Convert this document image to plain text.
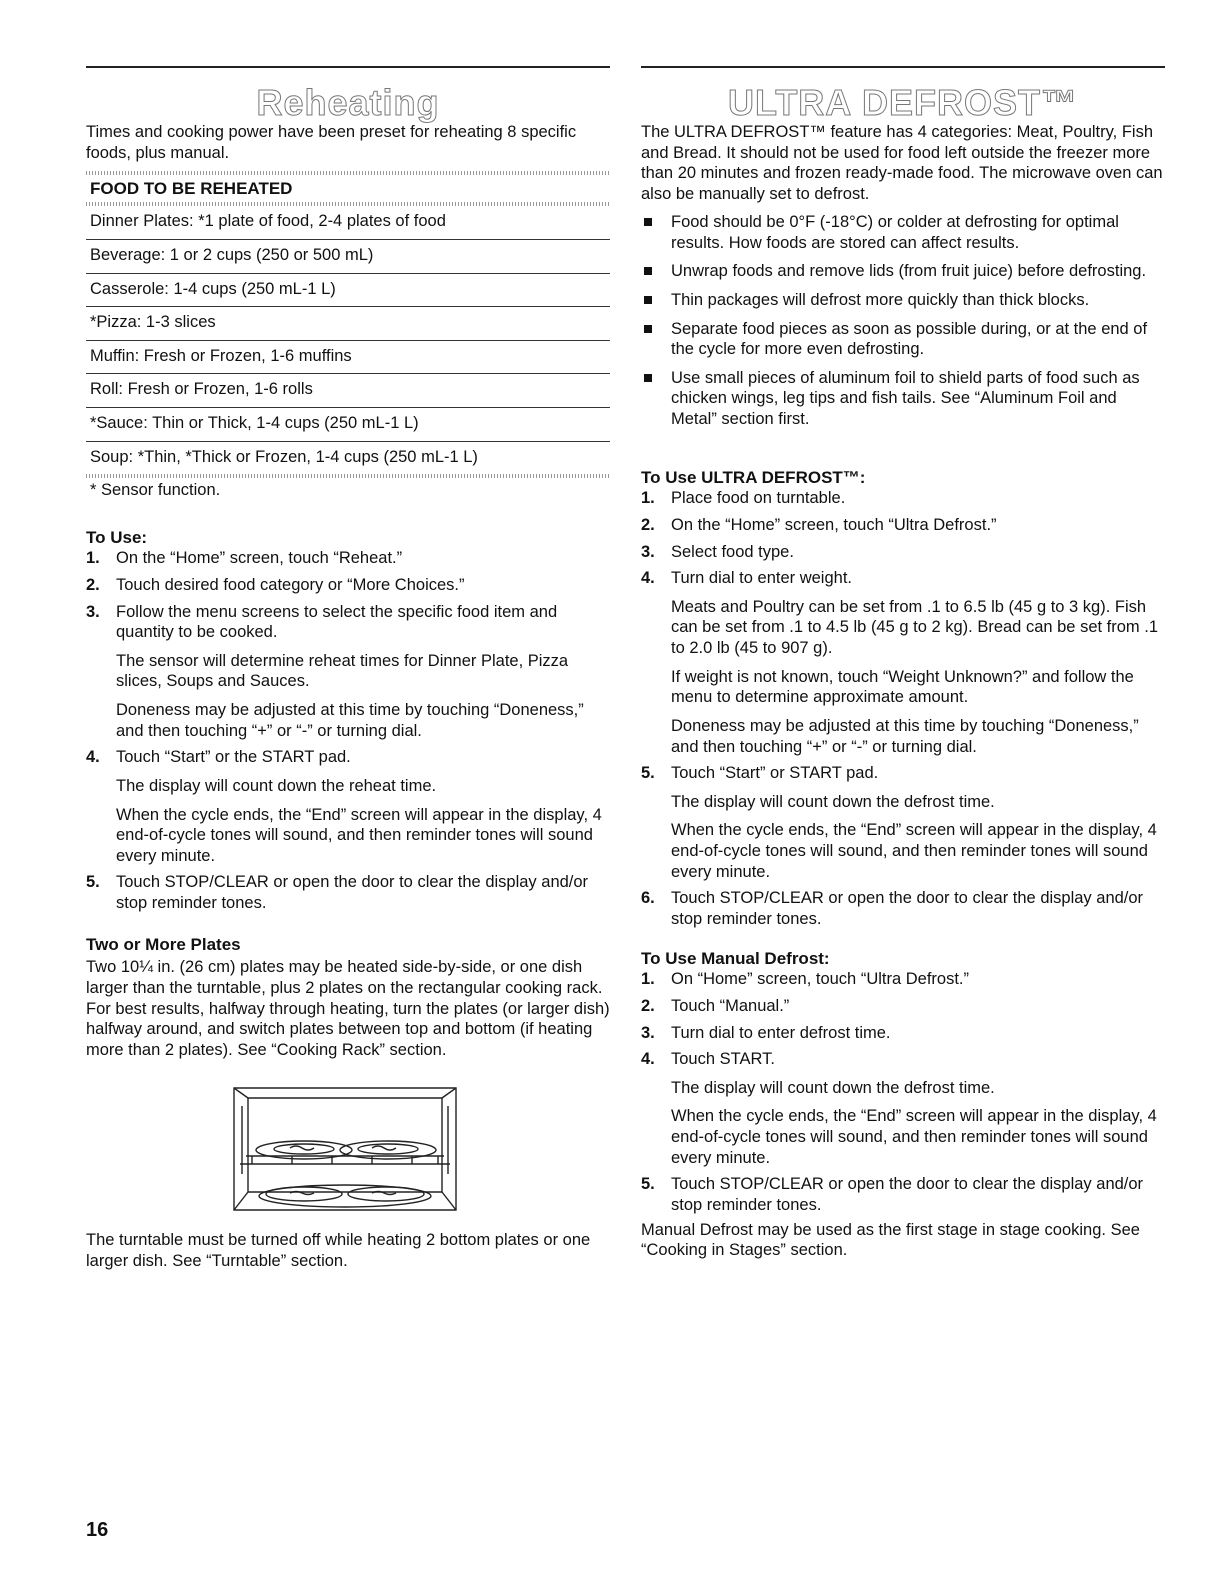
Reheating

Times and cooking power have been preset for reheating 8 specific foods, plus manual.

FOOD TO BE REHEATED
Dinner Plates: *1 plate of food, 2-4 plates of food
Beverage: 1 or 2 cups (250 or 500 mL)
Casserole: 1-4 cups (250 mL-1 L)
*Pizza: 1-3 slices
Muffin: Fresh or Frozen, 1-6 muffins
Roll: Fresh or Frozen, 1-6 rolls
*Sauce: Thin or Thick, 1-4 cups (250 mL-1 L)
Soup: *Thin, *Thick or Frozen, 1-4 cups (250 mL-1 L)
* Sensor function.
To Use:
1. On the “Home” screen, touch “Reheat.”
2. Touch desired food category or “More Choices.”
3. Follow the menu screens to select the specific food item and quantity to be cooked.

The sensor will determine reheat times for Dinner Plate, Pizza slices, Soups and Sauces.

Doneness may be adjusted at this time by touching “Doneness,” and then touching “+” or “-” or turning dial.

4. Touch “Start” or the START pad.

The display will count down the reheat time.

When the cycle ends, the “End” screen will appear in the display, 4 end-of-cycle tones will sound, and then reminder tones will sound every minute.

5. Touch STOP/CLEAR or open the door to clear the display and/or stop reminder tones.
Two or More Plates

Two 10¼ in. (26 cm) plates may be heated side-by-side, or one dish larger than the turntable, plus 2 plates on the rectangular cooking rack. For best results, halfway through heating, turn the plates (or larger dish) halfway around, and switch plates between top and bottom (if heating more than 2 plates). See “Cooking Rack” section.

The turntable must be turned off while heating 2 bottom plates or one larger dish. See “Turntable” section.

ULTRA DEFROST™

The ULTRA DEFROST™ feature has 4 categories: Meat, Poultry, Fish and Bread. It should not be used for food left outside the freezer more than 20 minutes and frozen ready-made food. The microwave oven can also be manually set to defrost.

Food should be 0°F (-18°C) or colder at defrosting for optimal results. How foods are stored can affect results.
Unwrap foods and remove lids (from fruit juice) before defrosting.
Thin packages will defrost more quickly than thick blocks.
Separate food pieces as soon as possible during, or at the end of the cycle for more even defrosting.
Use small pieces of aluminum foil to shield parts of food such as chicken wings, leg tips and fish tails. See “Aluminum Foil and Metal” section first.
To Use ULTRA DEFROST™:
1. Place food on turntable.
2. On the “Home” screen, touch “Ultra Defrost.”
3. Select food type.
4. Turn dial to enter weight.

Meats and Poultry can be set from .1 to 6.5 lb (45 g to 3 kg). Fish can be set from .1 to 4.5 lb (45 g to 2 kg). Bread can be set from .1 to 2.0 lb (45 to 907 g).

If weight is not known, touch “Weight Unknown?” and follow the menu to determine approximate amount.

Doneness may be adjusted at this time by touching “Doneness,” and then touching “+” or “-” or turning dial.

5. Touch “Start” or START pad.

The display will count down the defrost time.

When the cycle ends, the “End” screen will appear in the display, 4 end-of-cycle tones will sound, and then reminder tones will sound every minute.

6. Touch STOP/CLEAR or open the door to clear the display and/or stop reminder tones.
To Use Manual Defrost:
1. On “Home” screen, touch “Ultra Defrost.”
2. Touch “Manual.”
3. Turn dial to enter defrost time.
4. Touch START.

The display will count down the defrost time.

When the cycle ends, the “End” screen will appear in the display, 4 end-of-cycle tones will sound, and then reminder tones will sound every minute.

5. Touch STOP/CLEAR or open the door to clear the display and/or stop reminder tones.

Manual Defrost may be used as the first stage in stage cooking. See “Cooking in Stages” section.

16
